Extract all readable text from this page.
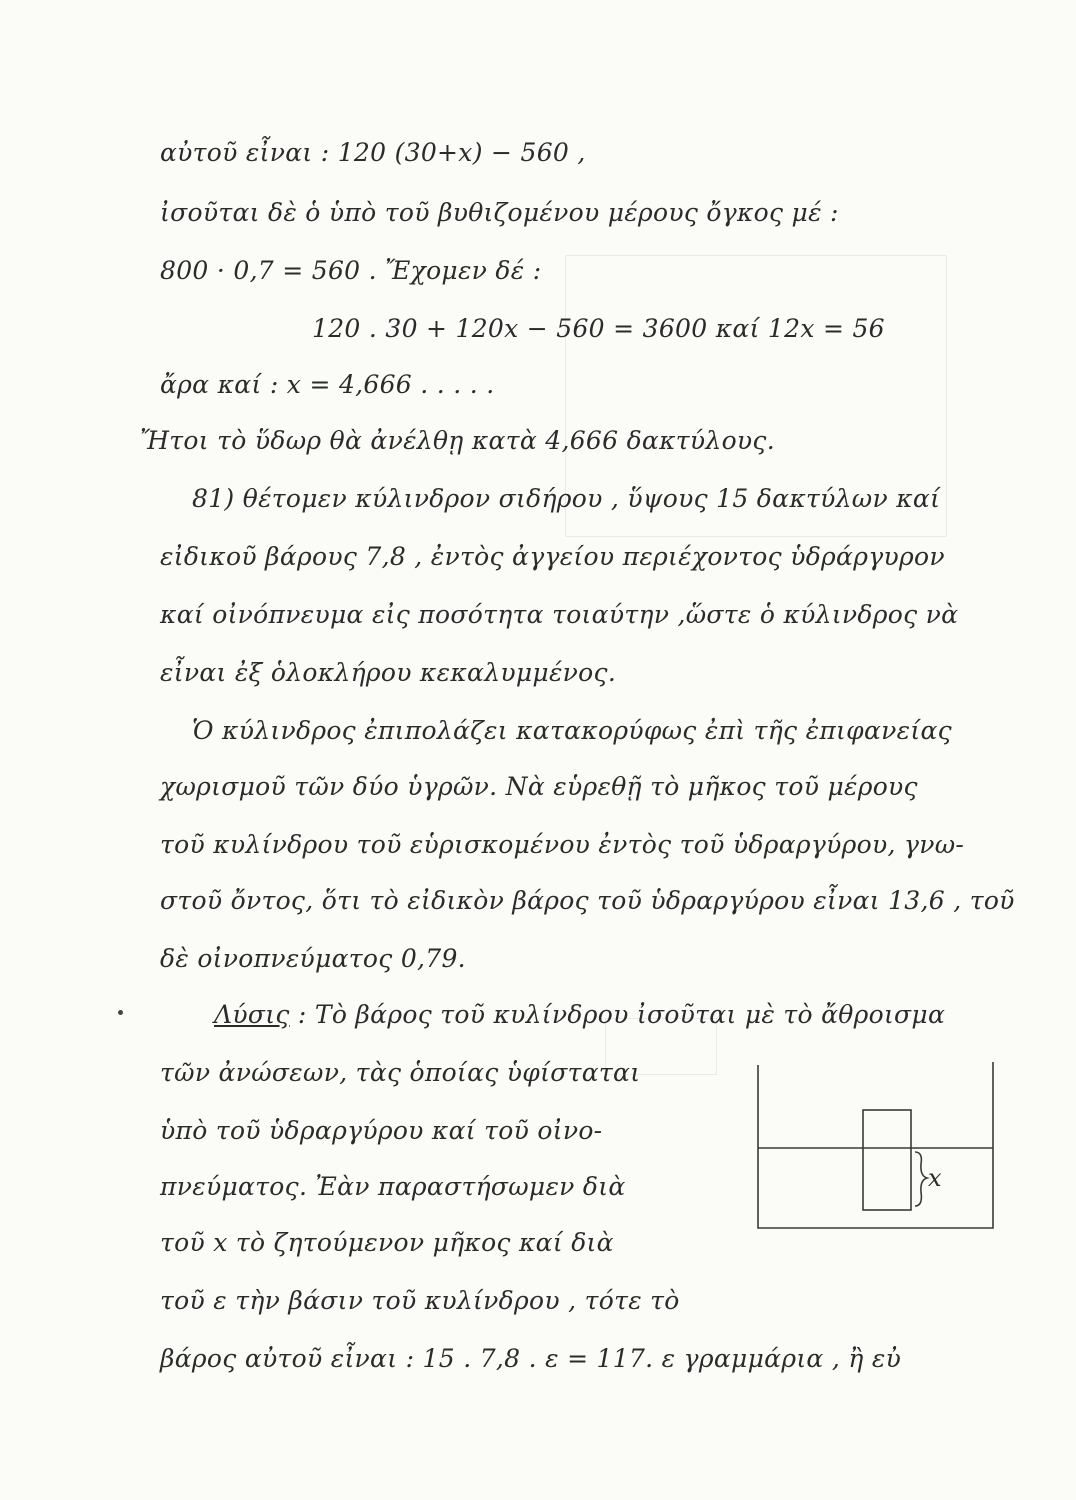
αὐτοῦ εἶναι : 120 (30+x) − 560 ,
ἰσοῦται δὲ ὁ ὑπὸ τοῦ βυθιζομένου μέρους ὄγκος μέ :
800 · 0,7 = 560 . Ἔχομεν δέ :
120 . 30 + 120x − 560 = 3600 καί 12x = 56
ἄρα καί : x = 4,666 . . . . .
Ἤτοι τὸ ὕδωρ θὰ ἀνέλθῃ κατὰ 4,666 δακτύλους.
81) θέτομεν κύλινδρον σιδήρου , ὕψους 15 δακτύλων καί
εἰδικοῦ βάρους 7,8 , ἐντὸς ἀγγείου περιέχοντος ὑδράργυρον
καί οἰνόπνευμα εἰς ποσότητα τοιαύτην ,ὥστε ὁ κύλινδρος νὰ
εἶναι ἐξ ὁλοκλήρου κεκαλυμμένος.
Ὁ κύλινδρος ἐπιπολάζει κατακορύφως ἐπὶ τῆς ἐπιφανείας
χωρισμοῦ τῶν δύο ὑγρῶν. Νὰ εὑρεθῇ τὸ μῆκος τοῦ μέρους
τοῦ κυλίνδρου τοῦ εὑρισκομένου ἐντὸς τοῦ ὑδραργύρου, γνω-
στοῦ ὄντος, ὅτι τὸ εἰδικὸν βάρος τοῦ ὑδραργύρου εἶναι 13,6 , τοῦ
δὲ οἰνοπνεύματος 0,79.
Λύσις : Τὸ βάρος τοῦ κυλίνδρου ἰσοῦται μὲ τὸ ἄθροισμα
τῶν ἀνώσεων, τὰς ὁποίας ὑφίσταται
ὑπὸ τοῦ ὑδραργύρου καί τοῦ οἰνο-
πνεύματος. Ἐὰν παραστήσωμεν διὰ
τοῦ x τὸ ζητούμενον μῆκος καί διὰ
τοῦ ε τὴν βάσιν τοῦ κυλίνδρου , τότε τὸ
βάρος αὐτοῦ εἶναι : 15 . 7,8 . ε = 117. ε γραμμάρια , ἢ εὐ
x
